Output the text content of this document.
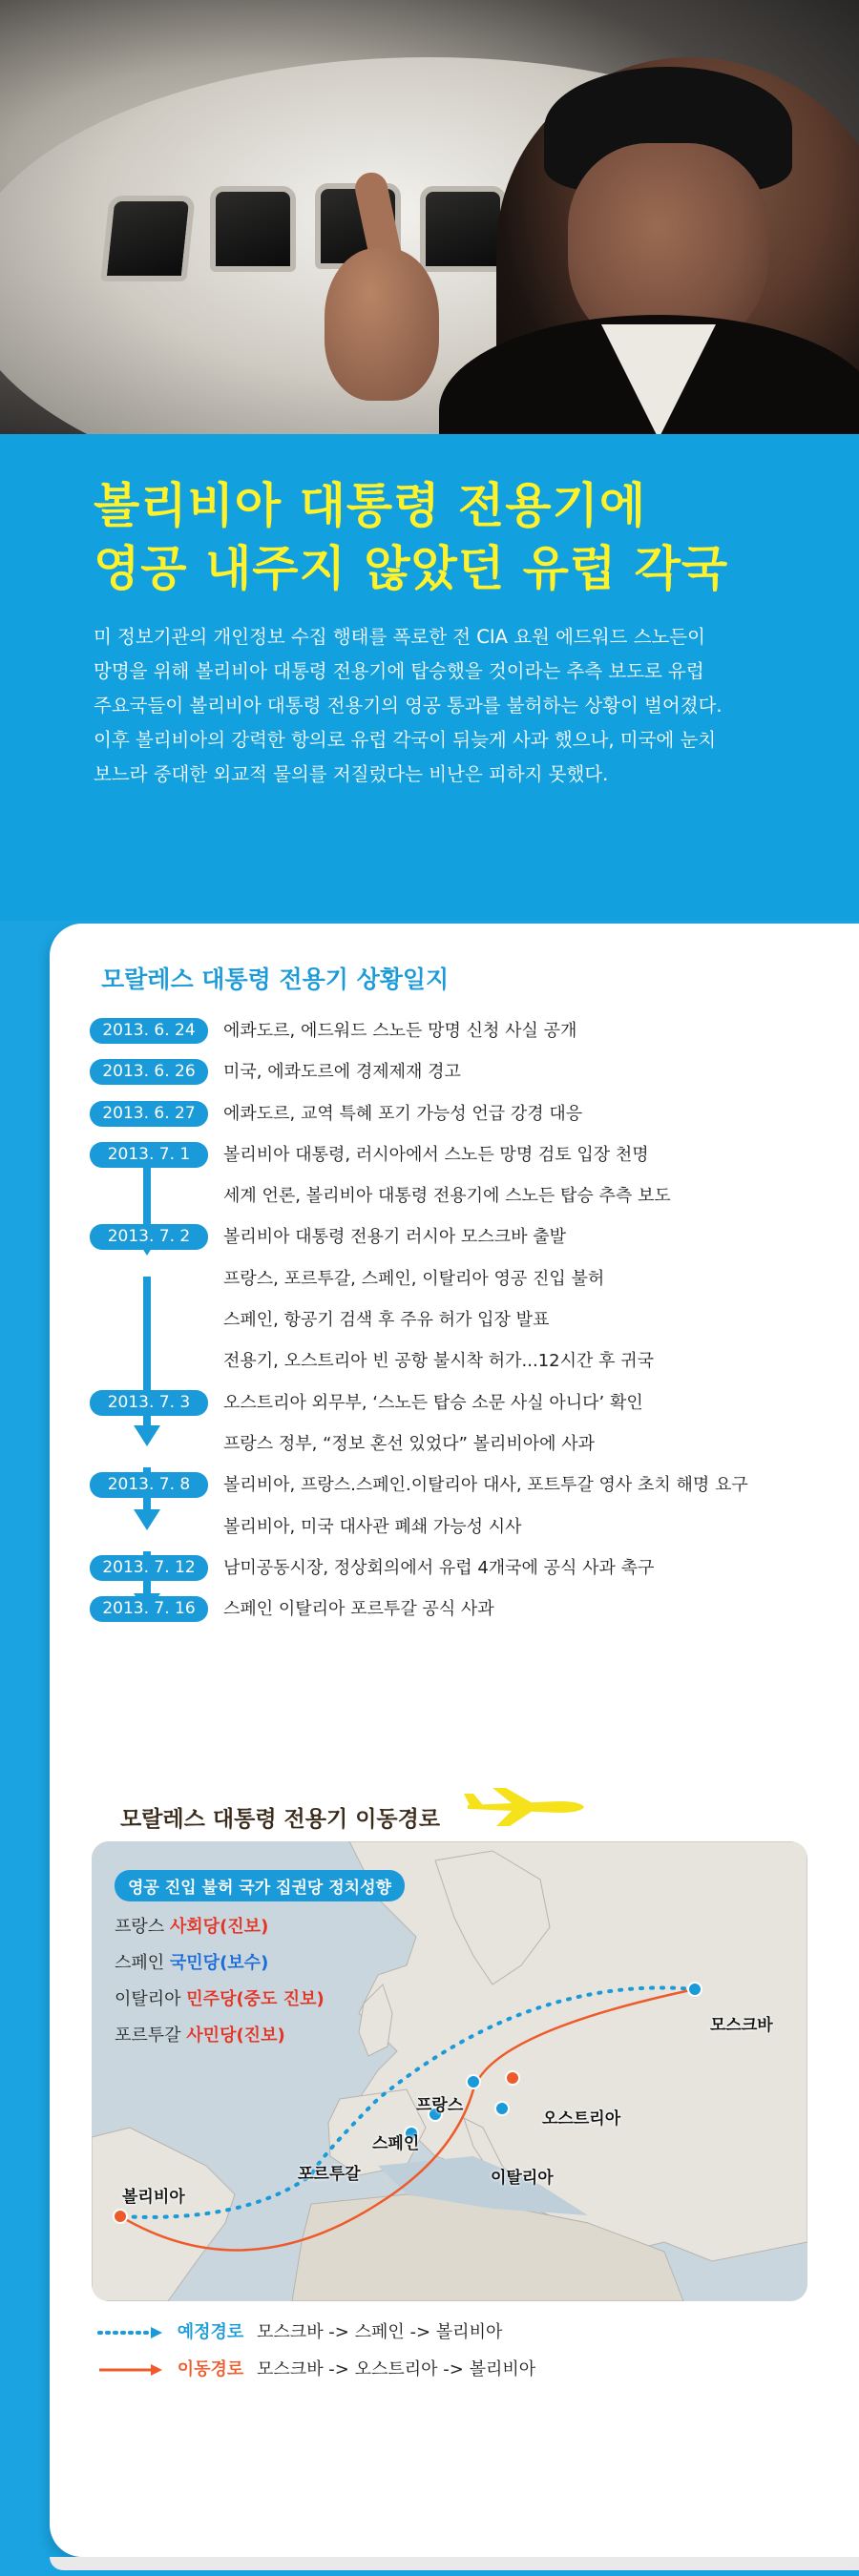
볼리비아 대통령 전용기에
영공 내주지 않았던 유럽 각국
미 정보기관의 개인정보 수집 행태를 폭로한 전 CIA 요원 에드워드 스노든이
망명을 위해 볼리비아 대통령 전용기에 탑승했을 것이라는 추측 보도로 유럽
주요국들이 볼리비아 대통령 전용기의 영공 통과를 불허하는 상황이 벌어졌다.
이후 볼리비아의 강력한 항의로 유럽 각국이 뒤늦게 사과 했으나, 미국에 눈치
보느라 중대한 외교적 물의를 저질렀다는 비난은 피하지 못했다.
모랄레스 대통령 전용기 상황일지
2013. 6. 24	에콰도르, 에드워드 스노든 망명 신청 사실 공개
2013. 6. 26	미국, 에콰도르에 경제제재 경고
2013. 6. 27	에콰도르, 교역 특혜 포기 가능성 언급 강경 대응
2013. 7. 1	볼리비아 대통령, 러시아에서 스노든 망명 검토 입장 천명
세계 언론, 볼리비아 대통령 전용기에 스노든 탑승 추측 보도
2013. 7. 2	볼리비아 대통령 전용기 러시아 모스크바 출발
프랑스, 포르투갈, 스페인, 이탈리아 영공 진입 불허
스페인, 항공기 검색 후 주유 허가 입장 발표
전용기, 오스트리아 빈 공항 불시착 허가...12시간 후 귀국
2013. 7. 3	오스트리아 외무부, ‘스노든 탑승 소문 사실 아니다’ 확인
프랑스 정부, “정보 혼선 있었다” 볼리비아에 사과
2013. 7. 8	볼리비아, 프랑스.스페인.이탈리아 대사, 포트투갈 영사 초치 해명 요구
볼리비아, 미국 대사관 폐쇄 가능성 시사
2013. 7. 12	남미공동시장, 정상회의에서 유럽 4개국에 공식 사과 촉구
2013. 7. 16	스페인 이탈리아 포르투갈 공식 사과
모랄레스 대통령 전용기 이동경로
영공 진입 불허 국가 집권당 정치성향
프랑스 사회당(진보)
스페인 국민당(보수)
이탈리아 민주당(중도 진보)
포르투갈 사민당(진보)	모스크바
프랑스
오스트리아
스페인
포르투갈	이탈리아
볼리비아
예정경로 모스크바 -> 스페인 -> 볼리비아
이동경로 모스크바 -> 오스트리아 -> 볼리비아
